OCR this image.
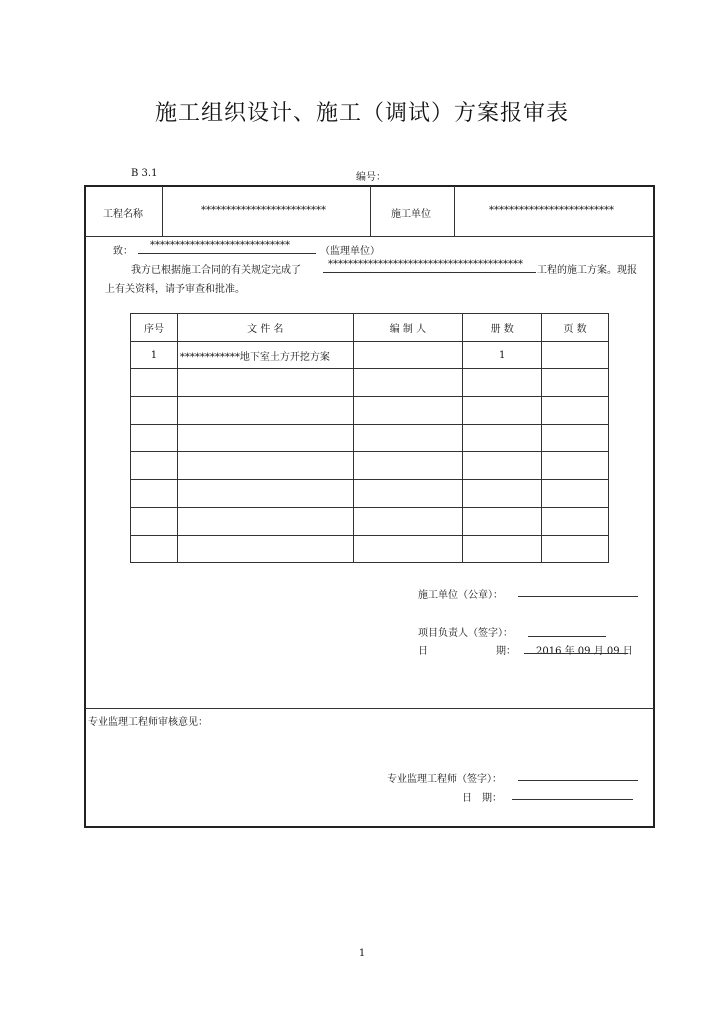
施工组织设计、施工（调试）方案报审表
B 3.1	编号：
工程名称	*************************	施工单位	*************************
致：
****************************
（监理单位）
我方已根据施工合同的有关规定完成了
***************************************
工程的施工方案。现报
上有关资料，请予审查和批准。
序号	文 件 名	编 制 人	册 数	页 数
1	************地下室土方开挖方案		1	

施工单位（公章）：
项目负责人（签字）：
日	期： 2016 年 09 月 09 日
专业监理工程师审核意见：
专业监理工程师（签字）：
日　期：
1
